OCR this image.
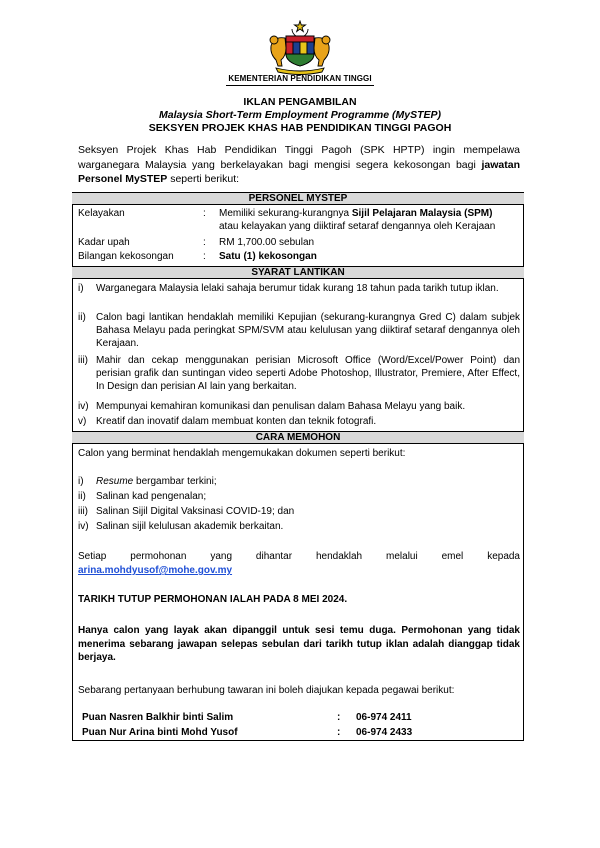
KEMENTERIAN PENDIDIKAN TINGGI
IKLAN PENGAMBILAN
Malaysia Short-Term Employment Programme (MySTEP)
SEKSYEN PROJEK KHAS HAB PENDIDIKAN TINGGI PAGOH
Seksyen Projek Khas Hab Pendidikan Tinggi Pagoh (SPK HPTP) ingin mempelawa warganegara Malaysia yang berkelayakan bagi mengisi segera kekosongan bagi jawatan Personel MySTEP seperti berikut:
PERSONEL MYSTEP
Kelayakan	: Memiliki sekurang-kurangnya Sijil Pelajaran Malaysia (SPM)
atau kelayakan yang diiktiraf setaraf dengannya oleh Kerajaan
Kadar upah	: RM 1,700.00 sebulan
Bilangan kekosongan	: Satu (1) kekosongan
SYARAT LANTIKAN
i) Warganegara Malaysia lelaki sahaja berumur tidak kurang 18 tahun pada tarikh tutup iklan.
ii) Calon bagi lantikan hendaklah memiliki Kepujian (sekurang-kurangnya Gred C) dalam subjek Bahasa Melayu pada peringkat SPM/SVM atau kelulusan yang diiktiraf setaraf dengannya oleh Kerajaan.
iii) Mahir dan cekap menggunakan perisian Microsoft Office (Word/Excel/Power Point) dan perisian grafik dan suntingan video seperti Adobe Photoshop, Illustrator, Premiere, After Effect, In Design dan perisian AI lain yang berkaitan.
iv) Mempunyai kemahiran komunikasi dan penulisan dalam Bahasa Melayu yang baik.
v) Kreatif dan inovatif dalam membuat konten dan teknik fotografi.
CARA MEMOHON
Calon yang berminat hendaklah mengemukakan dokumen seperti berikut:
i) Resume bergambar terkini;
ii) Salinan kad pengenalan;
iii) Salinan Sijil Digital Vaksinasi COVID-19; dan
iv) Salinan sijil kelulusan akademik berkaitan.
Setiap permohonan yang dihantar hendaklah melalui emel kepada
arina.mohdyusof@mohe.gov.my
TARIKH TUTUP PERMOHONAN IALAH PADA 8 MEI 2024.
Hanya calon yang layak akan dipanggil untuk sesi temu duga. Permohonan yang tidak menerima sebarang jawapan selepas sebulan dari tarikh tutup iklan adalah dianggap tidak berjaya.
Sebarang pertanyaan berhubung tawaran ini boleh diajukan kepada pegawai berikut:
Puan Nasren Balkhir binti Salim	: 06-974 2411
Puan Nur Arina binti Mohd Yusof	: 06-974 2433
